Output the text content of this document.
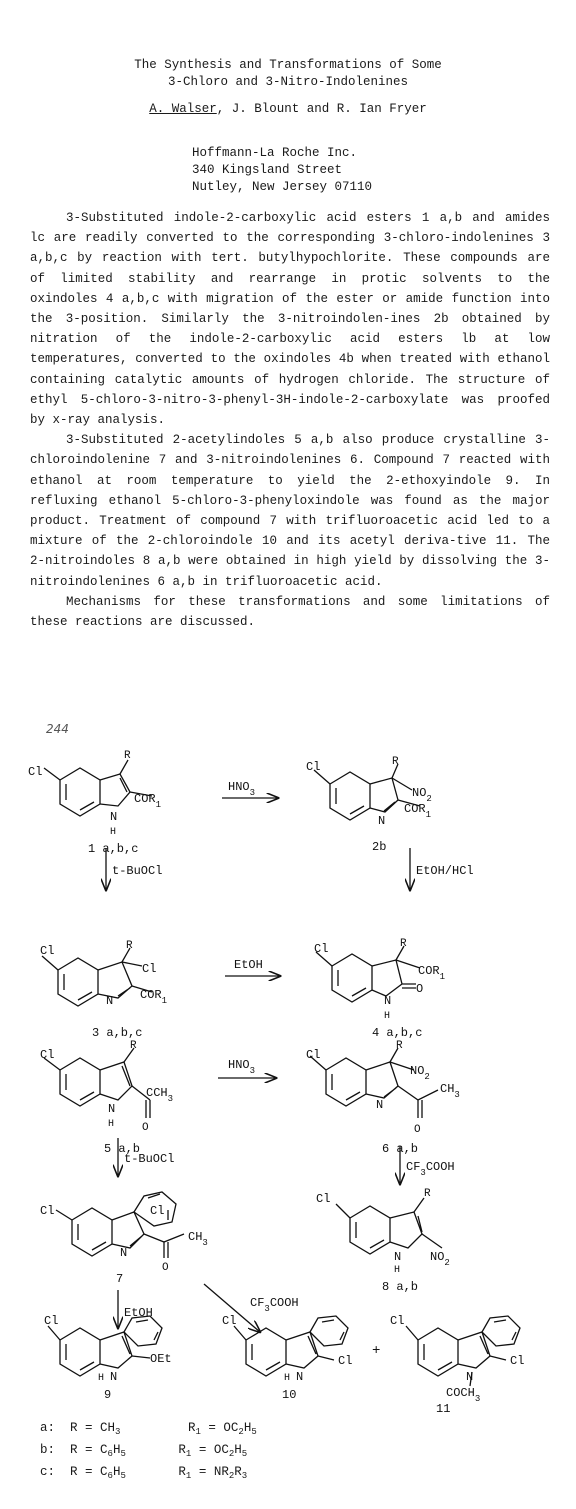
The Synthesis and Transformations of Some
3-Chloro and 3-Nitro-Indolenines
A. Walser, J. Blount and R. Ian Fryer
Hoffmann-La Roche Inc.
340 Kingsland Street
Nutley, New Jersey 07110

3-Substituted indole-2-carboxylic acid esters 1 a,b and amides lc are readily converted to the corresponding 3-chloro-indolenines 3 a,b,c by reaction with tert. butylhypochlorite. These compounds are of limited stability and rearrange in protic solvents to the oxindoles 4 a,b,c with migration of the ester or amide function into the 3-position. Similarly the 3-nitroindolen-ines 2b obtained by nitration of the indole-2-carboxylic acid esters lb at low temperatures, converted to the oxindoles 4b when treated with ethanol containing catalytic amounts of hydrogen chloride. The structure of ethyl 5-chloro-3-nitro-3-phenyl-3H-indole-2-carboxylate was proofed by x-ray analysis.

3-Substituted 2-acetylindoles 5 a,b also produce crystalline 3-chloroindolenine 7 and 3-nitroindolenines 6. Compound 7 reacted with ethanol at room temperature to yield the 2-ethoxyindole 9. In refluxing ethanol 5-chloro-3-phenyloxindole was found as the major product. Treatment of compound 7 with trifluoroacetic acid led to a mixture of the 2-chloroindole 10 and its acetyl deriva-tive 11. The 2-nitroindoles 8 a,b were obtained in high yield by dissolving the 3-nitroindolenines 6 a,b in trifluoroacetic acid.

Mechanisms for these transformations and some limitations of these reactions are discussed.

244
Cl
R
N
H
$COR_1$
1 a,b,c
$HNO_3$
Cl	R
$NO_2$
N
$COR_1$
2b
t-BuOCl	EtOH/HCl
Cl	R
Cl
N $COR_1$
3 a,b,c
EtOH
Cl	R
$COR_1$
O
N
H
4 a,b,c
Cl
R
N
H
$CCH_3$
O
5 a,b
$HNO_3$
Cl
R
$NO_2$
$CH_3$
N
O
6 a,b
t-BuOCl
$CF_3COOH$
Cl	Cl
N
$CH_3$
O
7
Cl	R
N
H
$NO_2$
8 a,b
EtOH
$CF_3COOH$
Cl
N
H
OEt
9
Cl
N
H
Cl
10
+
Cl
N
Cl
$COCH_3$
11
a: $R = CH_3$	$R_1 = OC_2H_5$
b: $R = C_6H_5$	$R_1 = OC_2H_5$
c: $R = C_6H_5$	$R_1 = NR_2R_3$
